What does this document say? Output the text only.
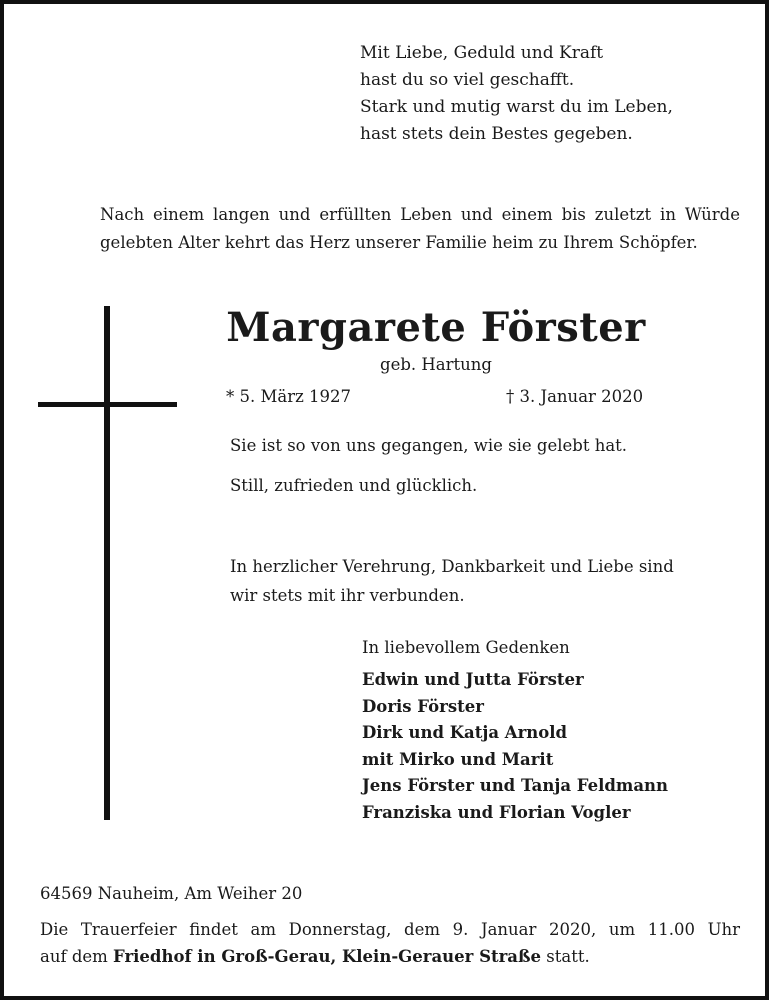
Mit Liebe, Geduld und Kraft
hast du so viel geschafft.
Stark und mutig warst du im Leben,
hast stets dein Bestes gegeben.
Nach einem langen und erfüllten Leben und einem bis zuletzt in Würde
gelebten Alter kehrt das Herz unserer Familie heim zu Ihrem Schöpfer.
Margarete Förster
geb. Hartung
* 5. März 1927	† 3. Januar 2020
Sie ist so von uns gegangen, wie sie gelebt hat.
Still, zufrieden und glücklich.
In herzlicher Verehrung, Dankbarkeit und Liebe sind
wir stets mit ihr verbunden.
In liebevollem Gedenken
Edwin und Jutta Förster
Doris Förster
Dirk und Katja Arnold
mit Mirko und Marit
Jens Förster und Tanja Feldmann
Franziska und Florian Vogler
64569 Nauheim, Am Weiher 20
Die Trauerfeier findet am Donnerstag, dem 9. Januar 2020, um 11.00 Uhr
auf dem Friedhof in Groß-Gerau, Klein-Gerauer Straße statt.
